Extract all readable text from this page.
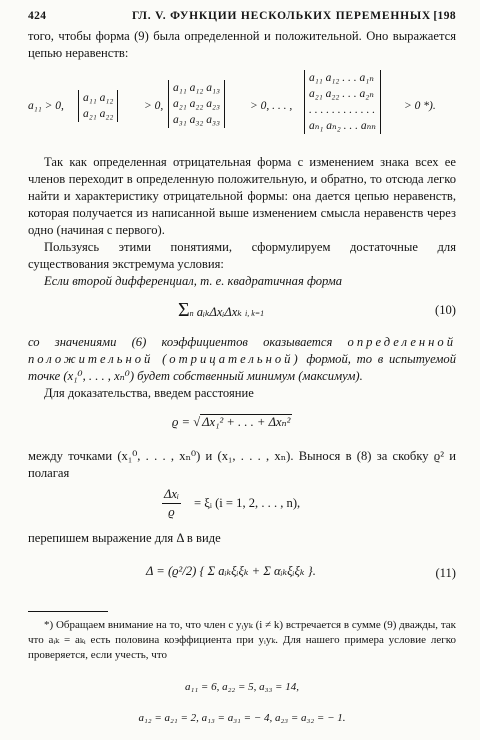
424	ГЛ. V. ФУНКЦИИ НЕСКОЛЬКИХ ПЕРЕМЕННЫХ [198

того, чтобы форма (9) была определенной и положительной. Оно выражается цепью неравенств:

a₁₁ > 0,
a₁₁ a₁₂
a₂₁ a₂₂
> 0,
a₁₁ a₁₂ a₁₃
a₂₁ a₂₂ a₂₃
a₃₁ a₃₂ a₃₃
> 0, . . . ,
a₁₁ a₁₂ . . . a₁ₙ
a₂₁ a₂₂ . . . a₂ₙ
. . . . . . . . . . . .
aₙ₁ aₙ₂ . . . aₙₙ
> 0 *).

Так как определенная отрицательная форма с изменением знака всех ее членов переходит в определенную положительную, и обратно, то отсюда легко найти и характеристику отрицательной формы: она дается цепью неравенств, которая получается из написанной выше изменением смысла неравенств через одно (начиная с первого).

Пользуясь этими понятиями, сформулируем достаточные для существования экстремума условия:

Если второй дифференциал, т. е. квадратичная форма

Σn aᵢₖΔxᵢΔxₖ i, k=1	(10)

со значениями (6) коэффициентов оказывается определенной положительной (отрицательной) формой, то в испытуемой точке (x₁⁰, . . . , xₙ⁰) будет собственный минимум (максимум).

Для доказательства, введем расстояние

ϱ = √ Δx₁² + . . . + Δxₙ²

между точками (x₁⁰, . . . , xₙ⁰) и (x₁, . . . , xₙ). Вынося в (8) за скобку ϱ² и полагая

Δxᵢ
ϱ
= ξᵢ (i = 1, 2, . . . , n),

перепишем выражение для Δ в виде

Δ = (ϱ²/2) { Σ aᵢₖξᵢξₖ + Σ αᵢₖξᵢξₖ }.	(11)

*) Обращаем внимание на то, что член с yᵢyₖ (i ≠ k) встречается в сумме (9) дважды, так что aᵢₖ = aₖᵢ есть половина коэффициента при yᵢyₖ. Для нашего примера условие легко проверяется, если учесть, что

a₁₁ = 6, a₂₂ = 5, a₃₃ = 14,
a₁₂ = a₂₁ = 2, a₁₃ = a₃₁ = − 4, a₂₃ = a₃₂ = − 1.
